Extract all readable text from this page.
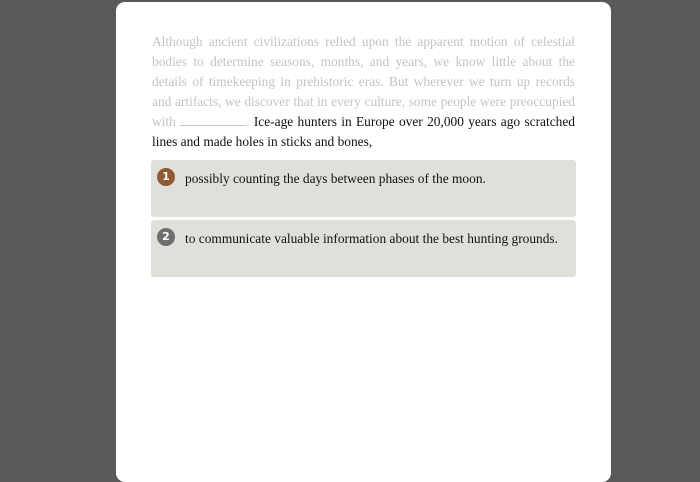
Although ancient civilizations relied upon the apparent motion of celestial bodies to determine seasons, months, and years, we know little about the details of timekeeping in prehistoric eras. But wherever we turn up records and artifacts, we discover that in every culture, some people were preoccupied with	. Ice-age hunters in Europe over 20,000 years ago scratched lines and made holes in sticks and bones,
1	possibly counting the days between phases of the moon.
2	to communicate valuable information about the best hunting grounds.
